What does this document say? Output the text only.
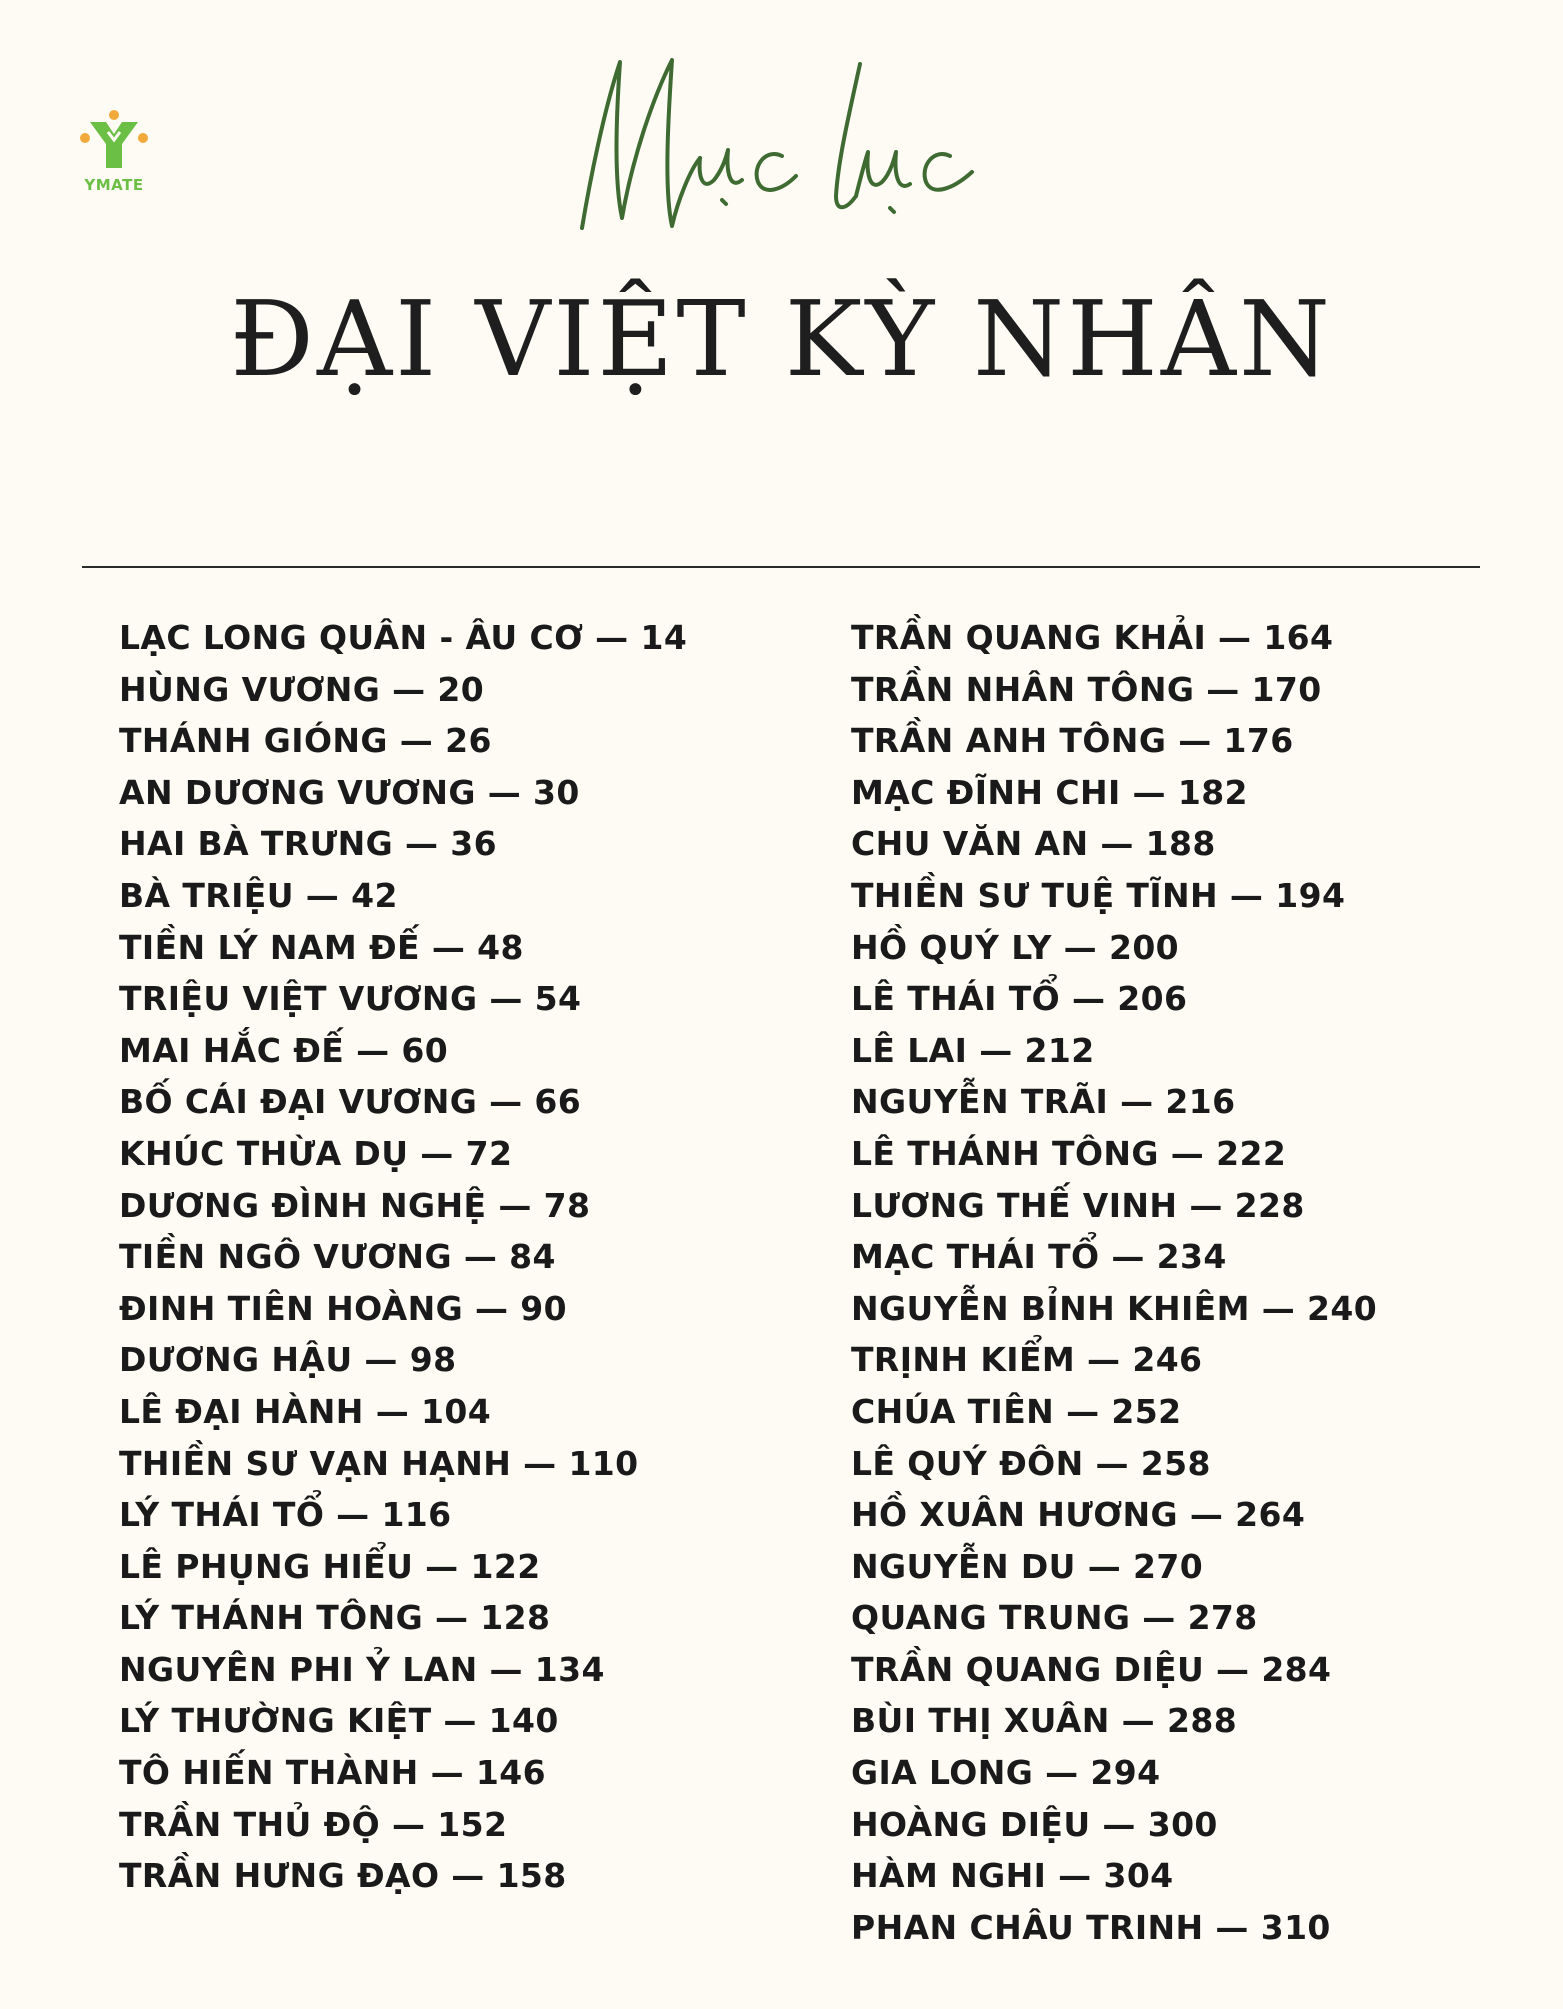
YMATE
ĐẠI VIỆT KỲ NHÂN
LẠC LONG QUÂN - ÂU CƠ — 14
HÙNG VƯƠNG — 20
THÁNH GIÓNG — 26
AN DƯƠNG VƯƠNG — 30
HAI BÀ TRƯNG — 36
BÀ TRIỆU — 42
TIỀN LÝ NAM ĐẾ — 48
TRIỆU VIỆT VƯƠNG — 54
MAI HẮC ĐẾ — 60
BỐ CÁI ĐẠI VƯƠNG — 66
KHÚC THỪA DỤ — 72
DƯƠNG ĐÌNH NGHỆ — 78
TIỀN NGÔ VƯƠNG — 84
ĐINH TIÊN HOÀNG — 90
DƯƠNG HẬU — 98
LÊ ĐẠI HÀNH — 104
THIỀN SƯ VẠN HẠNH — 110
LÝ THÁI TỔ — 116
LÊ PHỤNG HIỂU — 122
LÝ THÁNH TÔNG — 128
NGUYÊN PHI Ỷ LAN — 134
LÝ THƯỜNG KIỆT — 140
TÔ HIẾN THÀNH — 146
TRẦN THỦ ĐỘ — 152
TRẦN HƯNG ĐẠO — 158
TRẦN QUANG KHẢI — 164
TRẦN NHÂN TÔNG — 170
TRẦN ANH TÔNG — 176
MẠC ĐĨNH CHI — 182
CHU VĂN AN — 188
THIỀN SƯ TUỆ TĨNH — 194
HỒ QUÝ LY — 200
LÊ THÁI TỔ — 206
LÊ LAI — 212
NGUYỄN TRÃI — 216
LÊ THÁNH TÔNG — 222
LƯƠNG THẾ VINH — 228
MẠC THÁI TỔ — 234
NGUYỄN BỈNH KHIÊM — 240
TRỊNH KIỂM — 246
CHÚA TIÊN — 252
LÊ QUÝ ĐÔN — 258
HỒ XUÂN HƯƠNG — 264
NGUYỄN DU — 270
QUANG TRUNG — 278
TRẦN QUANG DIỆU — 284
BÙI THỊ XUÂN — 288
GIA LONG — 294
HOÀNG DIỆU — 300
HÀM NGHI — 304
PHAN CHÂU TRINH — 310
